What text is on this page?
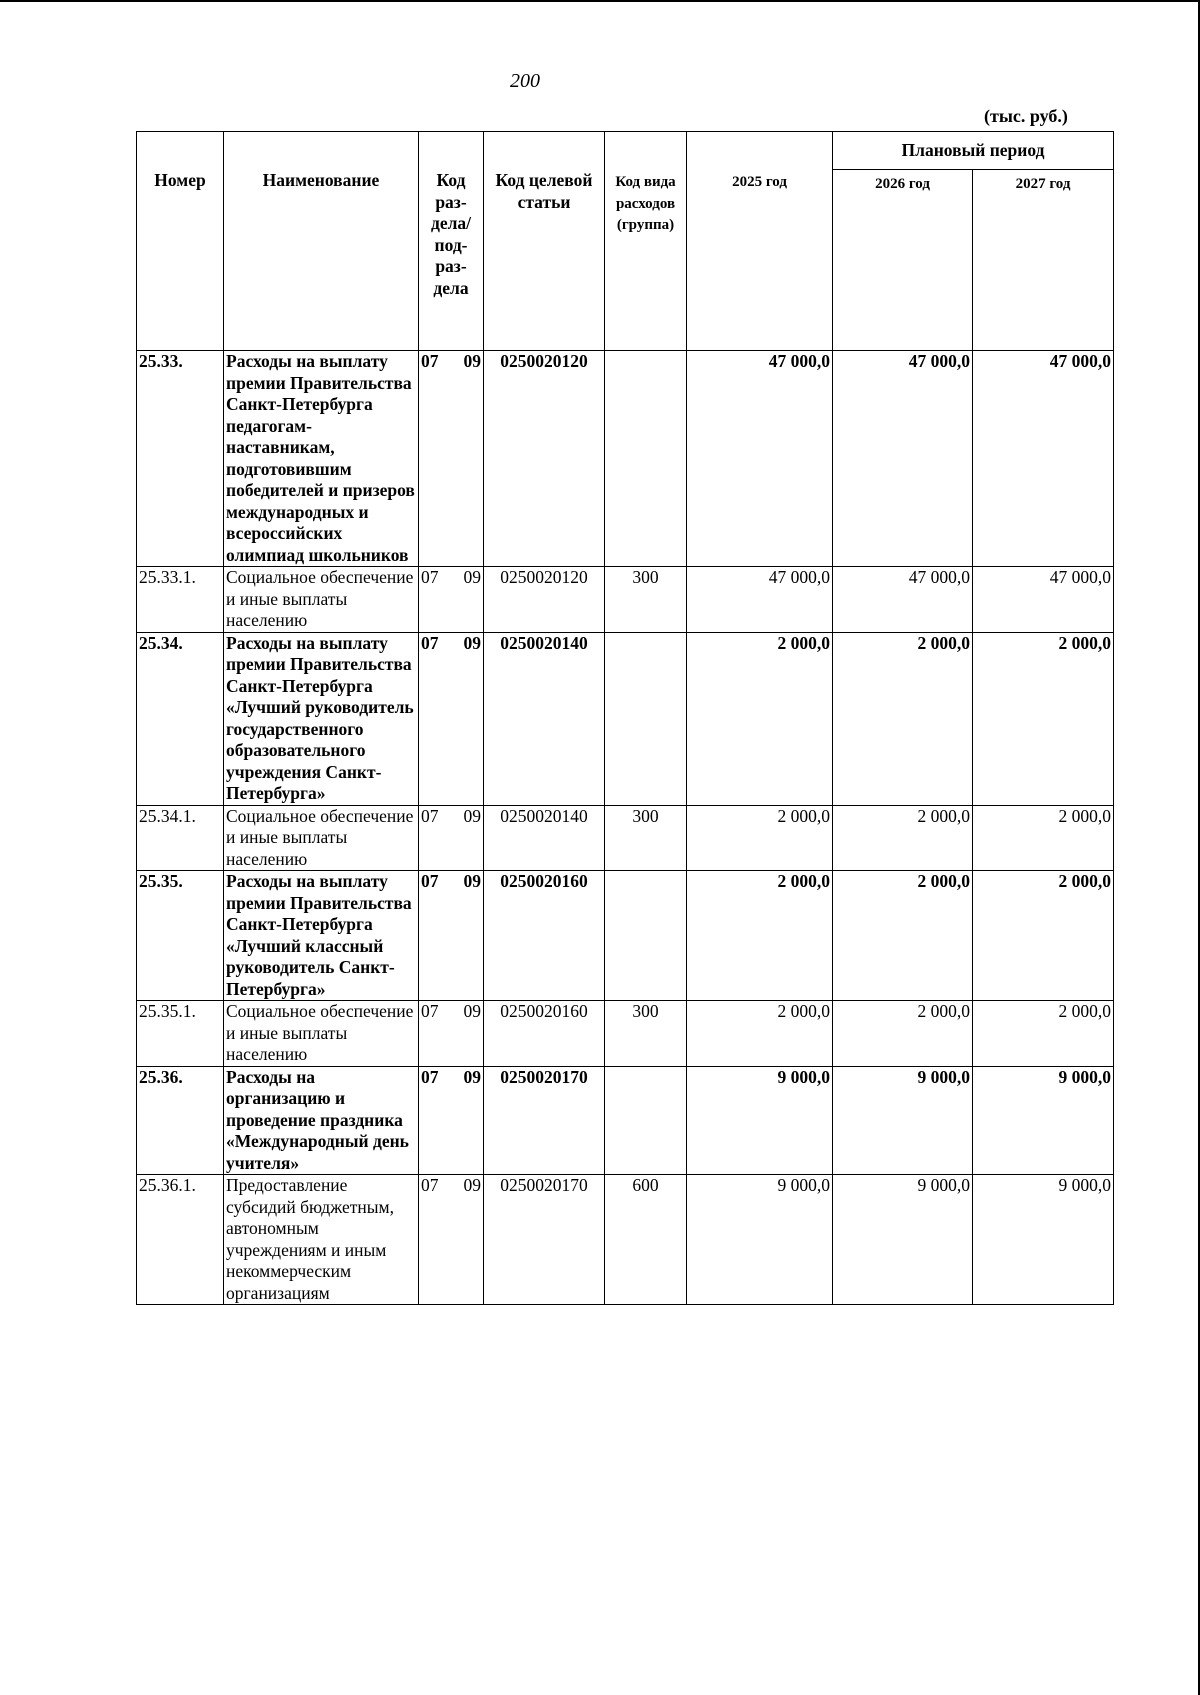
200
(тыс. руб.)
Номер	Наименование	Код раз- дела/ под- раз- дела	Код целевой статьи	Код вида расходов (группа)	2025 год	Плановый период	
						2026 год	2027 год
25.33.	Расходы на выплату премии Правительства Санкт-Петербурга педагогам-наставникам, подготовившим победителей и призеров международных и всероссийских олимпиад школьников	07 09	0250020120		47 000,0	47 000,0	47 000,0
25.33.1.	Социальное обеспечение и иные выплаты населению	07 09	0250020120	300	47 000,0	47 000,0	47 000,0
25.34.	Расходы на выплату премии Правительства Санкт-Петербурга «Лучший руководитель государственного образовательного учреждения Санкт-Петербурга»	07 09	0250020140		2 000,0	2 000,0	2 000,0
25.34.1.	Социальное обеспечение и иные выплаты населению	07 09	0250020140	300	2 000,0	2 000,0	2 000,0
25.35.	Расходы на выплату премии Правительства Санкт-Петербурга «Лучший классный руководитель Санкт-Петербурга»	07 09	0250020160		2 000,0	2 000,0	2 000,0
25.35.1.	Социальное обеспечение и иные выплаты населению	07 09	0250020160	300	2 000,0	2 000,0	2 000,0
25.36.	Расходы на организацию и проведение праздника «Международный день учителя»	07 09	0250020170		9 000,0	9 000,0	9 000,0
25.36.1.	Предоставление субсидий бюджетным, автономным учреждениям и иным некоммерческим организациям	07 09	0250020170	600	9 000,0	9 000,0	9 000,0
